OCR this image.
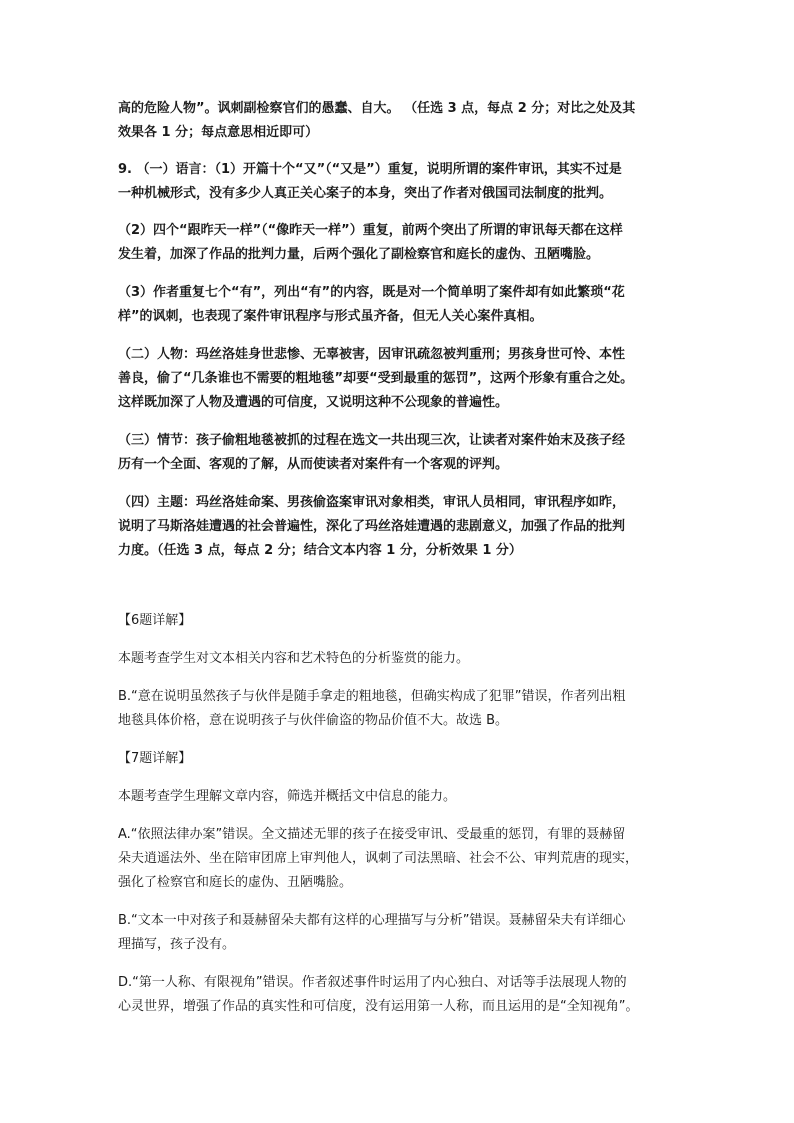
高的危险人物”。讽刺副检察官们的愚蠢、自大。 （任选 3 点，每点 2 分；对比之处及其
效果各 1 分；每点意思相近即可）
9. （一）语言：（1）开篇十个“又”（“又是”）重复，说明所谓的案件审讯，其实不过是
一种机械形式，没有多少人真正关心案子的本身，突出了作者对俄国司法制度的批判。
（2）四个“跟昨天一样”（“像昨天一样”）重复，前两个突出了所谓的审讯每天都在这样
发生着，加深了作品的批判力量，后两个强化了副检察官和庭长的虚伪、丑陋嘴脸。
（3）作者重复七个“有”，列出“有”的内容，既是对一个简单明了案件却有如此繁琐“花
样”的讽刺，也表现了案件审讯程序与形式虽齐备，但无人关心案件真相。
（二）人物：玛丝洛娃身世悲惨、无辜被害，因审讯疏忽被判重刑；男孩身世可怜、本性
善良，偷了“几条谁也不需要的粗地毯”却要“受到最重的惩罚”，这两个形象有重合之处。
这样既加深了人物及遭遇的可信度，又说明这种不公现象的普遍性。
（三）情节：孩子偷粗地毯被抓的过程在选文一共出现三次，让读者对案件始末及孩子经
历有一个全面、客观的了解，从而使读者对案件有一个客观的评判。
（四）主题：玛丝洛娃命案、男孩偷盗案审讯对象相类，审讯人员相同，审讯程序如昨，
说明了马斯洛娃遭遇的社会普遍性，深化了玛丝洛娃遭遇的悲剧意义，加强了作品的批判
力度。（任选 3 点，每点 2 分；结合文本内容 1 分，分析效果 1 分）
【6题详解】
本题考查学生对文本相关内容和艺术特色的分析鉴赏的能力。
B.“意在说明虽然孩子与伙伴是随手拿走的粗地毯，但确实构成了犯罪”错误，作者列出粗
地毯具体价格，意在说明孩子与伙伴偷盗的物品价值不大。故选 B。
【7题详解】
本题考查学生理解文章内容，筛选并概括文中信息的能力。
A.“依照法律办案”错误。全文描述无罪的孩子在接受审讯、受最重的惩罚，有罪的聂赫留
朵夫逍遥法外、坐在陪审团席上审判他人，讽刺了司法黑暗、社会不公、审判荒唐的现实，
强化了检察官和庭长的虚伪、丑陋嘴脸。
B.“文本一中对孩子和聂赫留朵夫都有这样的心理描写与分析”错误。聂赫留朵夫有详细心
理描写，孩子没有。
D.“第一人称、有限视角”错误。作者叙述事件时运用了内心独白、对话等手法展现人物的
心灵世界，增强了作品的真实性和可信度，没有运用第一人称，而且运用的是“全知视角”。
